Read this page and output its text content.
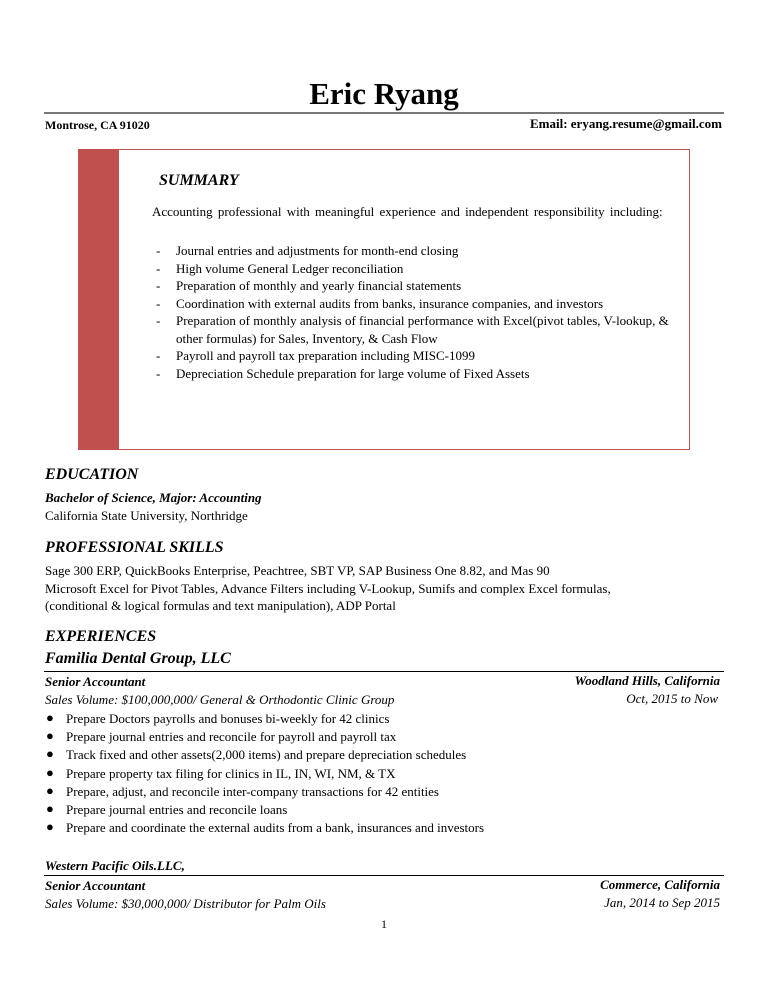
Eric Ryang
Montrose, CA 91020	Email: eryang.resume@gmail.com
SUMMARY
Accounting professional with meaningful experience and independent responsibility including:
- Journal entries and adjustments for month-end closing
- High volume General Ledger reconciliation
- Preparation of monthly and yearly financial statements
- Coordination with external audits from banks, insurance companies, and investors
- Preparation of monthly analysis of financial performance with Excel(pivot tables, V-lookup, & other formulas) for Sales, Inventory, & Cash Flow
- Payroll and payroll tax preparation including MISC-1099
- Depreciation Schedule preparation for large volume of Fixed Assets
EDUCATION
Bachelor of Science, Major: Accounting
California State University, Northridge
PROFESSIONAL SKILLS
Sage 300 ERP, QuickBooks Enterprise, Peachtree, SBT VP, SAP Business One 8.82, and Mas 90
Microsoft Excel for Pivot Tables, Advance Filters including V-Lookup, Sumifs and complex Excel formulas,
(conditional & logical formulas and text manipulation), ADP Portal
EXPERIENCES
Familia Dental Group, LLC
Senior Accountant	Woodland Hills, California
Sales Volume: $100,000,000/ General & Orthodontic Clinic Group	Oct, 2015 to Now
● Prepare Doctors payrolls and bonuses bi-weekly for 42 clinics
● Prepare journal entries and reconcile for payroll and payroll tax
● Track fixed and other assets(2,000 items) and prepare depreciation schedules
● Prepare property tax filing for clinics in IL, IN, WI, NM, & TX
● Prepare, adjust, and reconcile inter-company transactions for 42 entities
● Prepare journal entries and reconcile loans
● Prepare and coordinate the external audits from a bank, insurances and investors
Western Pacific Oils.LLC,
Senior Accountant	Commerce, California
Sales Volume: $30,000,000/ Distributor for Palm Oils	Jan, 2014 to Sep 2015
1
